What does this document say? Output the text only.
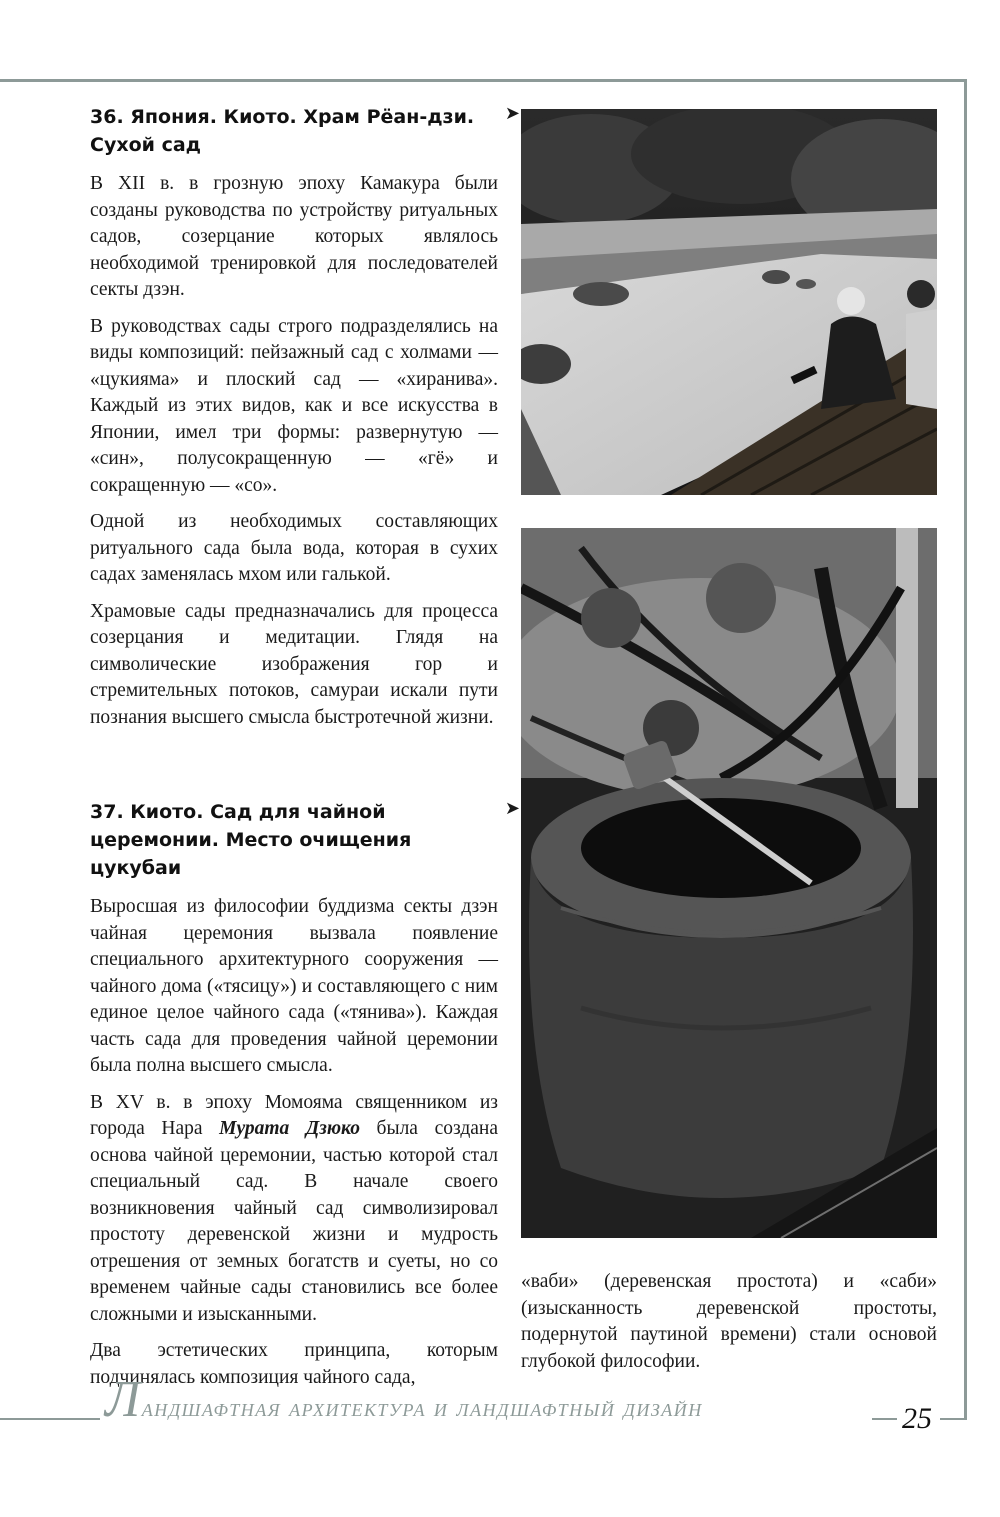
36. Япония. Киото. Храм Рёан-дзи. Сухой сад
➤

В XII в. в грозную эпоху Камакура были созданы руководства по устройству ритуальных садов, созерцание которых являлось необходимой тренировкой для последователей секты дзэн.

В руководствах сады строго подразделялись на виды композиций: пейзажный сад с холмами — «цукияма» и плоский сад — «хиранива». Каждый из этих видов, как и все искусства в Японии, имел три формы: развернутую — «син», полусокращенную — «гё» и сокращенную — «со».

Одной из необходимых составляющих ритуального сада была вода, которая в сухих садах заменялась мхом или галькой.

Храмовые сады предназначались для процесса созерцания и медитации. Глядя на символические изображения гор и стремительных потоков, самураи искали пути познания высшего смысла быстротечной жизни.

37. Киото. Сад для чайной церемонии. Место очищения цукубаи
➤

Выросшая из философии буддизма секты дзэн чайная церемония вызвала появление специального архитектурного сооружения — чайного дома («тясицу») и составляющего с ним единое целое чайного сада («тянива»). Каждая часть сада для проведения чайной церемонии была полна высшего смысла.

В XV в. в эпоху Момояма священником из города Нара Мурата Дзюко была создана основа чайной церемонии, частью которой стал специальный сад. В начале своего возникновения чайный сад символизировал простоту деревенской жизни и мудрость отрешения от земных богатств и суеты, но со временем чайные сады становились все более сложными и изысканными.

Два эстетических принципа, которым подчинялась композиция чайного сада,

«ваби» (деревенская простота) и «саби» (изысканность деревенской простоты, подернутой паутиной времени) стали основой глубокой философии.

Ландшафтная архитектура и ландшафтный дизайн	25
